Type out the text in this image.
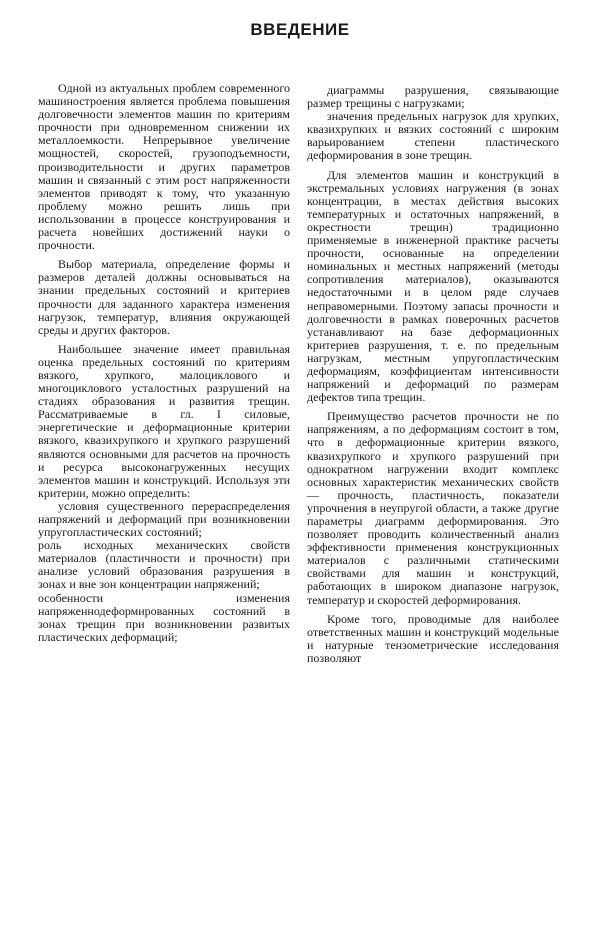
ВВЕДЕНИЕ

Одной из актуальных проблем современного машиностроения является проблема повышения долговечности элементов машин по критериям прочности при одновременном снижении их металлоемкости. Непрерывное увеличение мощностей, скоростей, грузоподъемности, производительности и других параметров машин и связанный с этим рост напряженности элементов приводят к тому, что указанную проблему можно решить лишь при использовании в процессе конструирования и расчета новейших достижений науки о прочности.

Выбор материала, определение формы и размеров деталей должны основываться на знании предельных состояний и критериев прочности для заданного характера изменения нагрузок, температур, влияния окружающей среды и других факторов.

Наибольшее значение имеет правильная оценка предельных состояний по критериям вязкого, хрупкого, малоциклового и многоциклового усталостных разрушений на стадиях образования и развития трещин. Рассматриваемые в гл. I силовые, энергетические и деформационные критерии вязкого, квазихрупкого и хрупкого разрушений являются основными для расчетов на прочность и ресурса высоконагруженных несущих элементов машин и конструкций. Используя эти критерии, можно определить:

условия существенного перераспределения напряжений и деформаций при возникновении упругопластических состояний;

роль исходных механических свойств материалов (пластичности и прочности) при анализе условий образования разрушения в зонах и вне зон концентрации напряжений;

особенности изменения напряженнодеформированных состояний в зонах трещин при возникновении развитых пластических деформаций;

диаграммы разрушения, связывающие размер трещины с нагрузками;

значения предельных нагрузок для хрупких, квазихрупких и вязких состояний с широким варьированием степени пластического деформирования в зоне трещин.

Для элементов машин и конструкций в экстремальных условиях нагружения (в зонах концентрации, в местах действия высоких температурных и остаточных напряжений, в окрестности трещин) традиционно применяемые в инженерной практике расчеты прочности, основанные на определении номинальных и местных напряжений (методы сопротивления материалов), оказываются недостаточными и в целом ряде случаев неправомерными. Поэтому запасы прочности и долговечности в рамках поверочных расчетов устанавливают на базе деформационных критериев разрушения, т. е. по предельным нагрузкам, местным упругопластическим деформациям, коэффициентам интенсивности напряжений и деформаций по размерам дефектов типа трещин.

Преимущество расчетов прочности не по напряжениям, а по деформациям состоит в том, что в деформационные критерии вязкого, квазихрупкого и хрупкого разрушений при однократном нагружении входит комплекс основных характеристик механических свойств — прочность, пластичность, показатели упрочнения в неупругой области, а также другие параметры диаграмм деформирования. Это позволяет проводить количественный анализ эффективности применения конструкционных материалов с различными статическими свойствами для машин и конструкций, работающих в широком диапазоне нагрузок, температур и скоростей деформирования.

Кроме того, проводимые для наиболее ответственных машин и конструкций модельные и натурные тензометрические исследования позволяют
